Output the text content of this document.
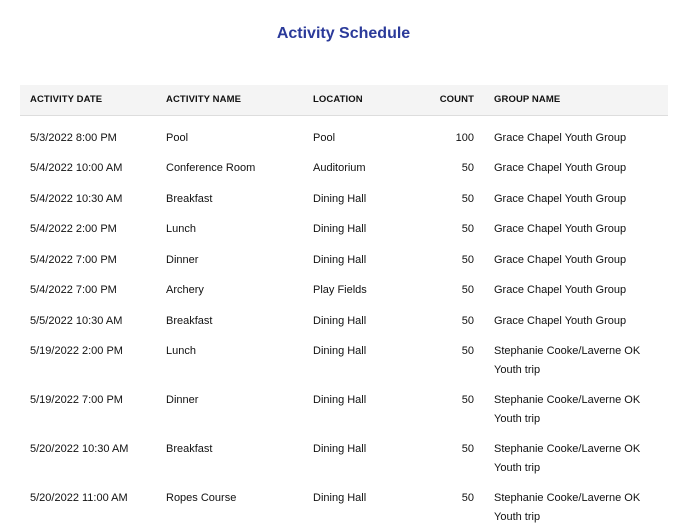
Activity Schedule
ACTIVITY DATE	ACTIVITY NAME	LOCATION	COUNT	GROUP NAME
5/3/2022 8:00 PM	Pool	Pool	100	Grace Chapel Youth Group
5/4/2022 10:00 AM	Conference Room	Auditorium	50	Grace Chapel Youth Group
5/4/2022 10:30 AM	Breakfast	Dining Hall	50	Grace Chapel Youth Group
5/4/2022 2:00 PM	Lunch	Dining Hall	50	Grace Chapel Youth Group
5/4/2022 7:00 PM	Dinner	Dining Hall	50	Grace Chapel Youth Group
5/4/2022 7:00 PM	Archery	Play Fields	50	Grace Chapel Youth Group
5/5/2022 10:30 AM	Breakfast	Dining Hall	50	Grace Chapel Youth Group
5/19/2022 2:00 PM	Lunch	Dining Hall	50	Stephanie Cooke/Laverne OK Youth trip
5/19/2022 7:00 PM	Dinner	Dining Hall	50	Stephanie Cooke/Laverne OK Youth trip
5/20/2022 10:30 AM	Breakfast	Dining Hall	50	Stephanie Cooke/Laverne OK Youth trip
5/20/2022 11:00 AM	Ropes Course	Dining Hall	50	Stephanie Cooke/Laverne OK Youth trip
